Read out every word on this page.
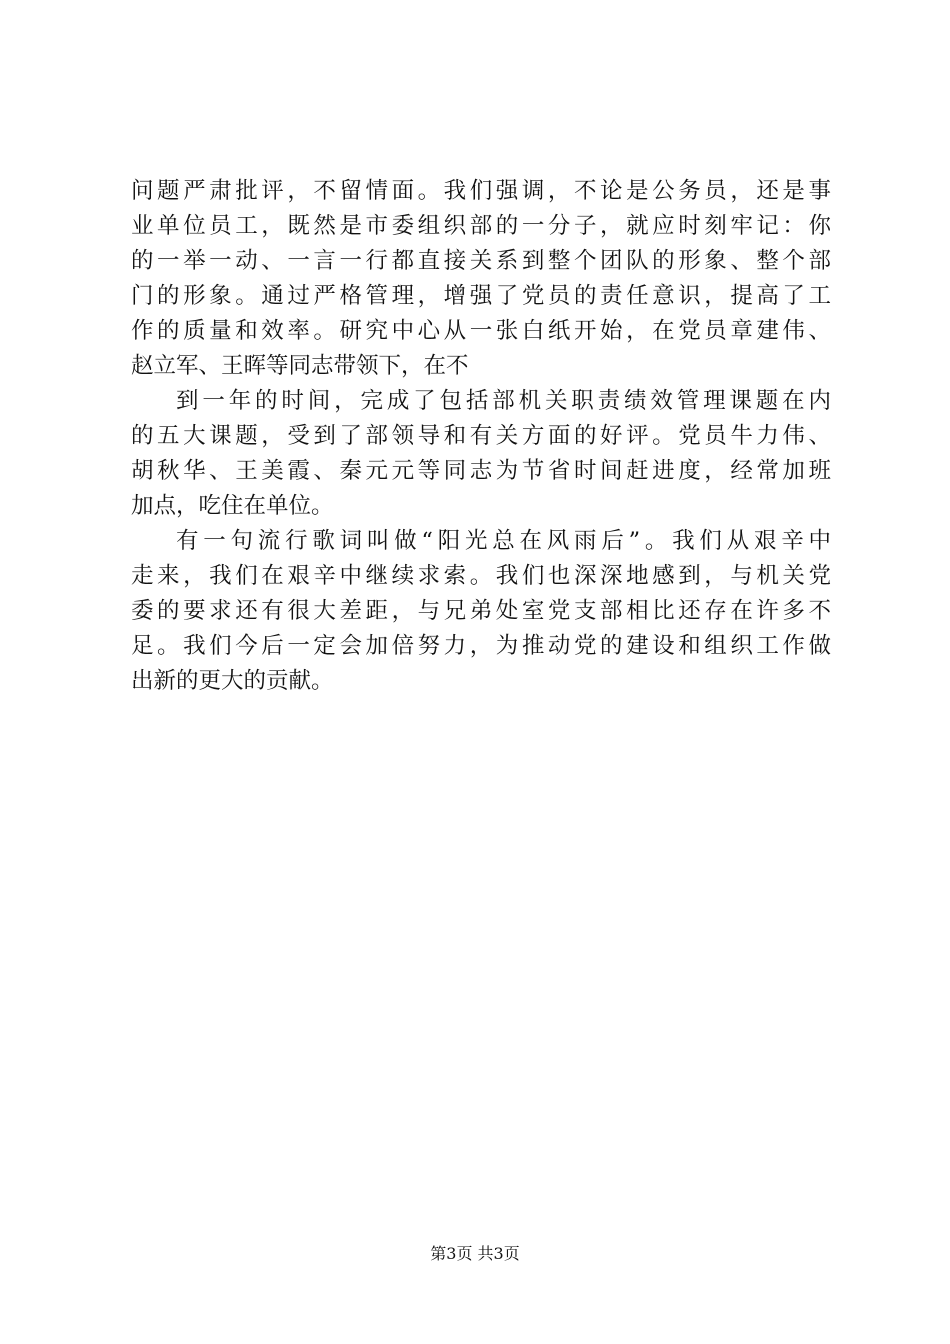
问题严肃批评，不留情面。我们强调，不论是公务员，还是事
业单位员工，既然是市委组织部的一分子，就应时刻牢记：你
的一举一动、一言一行都直接关系到整个团队的形象、整个部
门的形象。通过严格管理，增强了党员的责任意识，提高了工
作的质量和效率。研究中心从一张白纸开始，在党员章建伟、
赵立军、王晖等同志带领下，在不
到一年的时间，完成了包括部机关职责绩效管理课题在内
的五大课题，受到了部领导和有关方面的好评。党员牛力伟、
胡秋华、王美霞、秦元元等同志为节省时间赶进度，经常加班
加点，吃住在单位。
有一句流行歌词叫做“阳光总在风雨后”。我们从艰辛中
走来，我们在艰辛中继续求索。我们也深深地感到，与机关党
委的要求还有很大差距，与兄弟处室党支部相比还存在许多不
足。我们今后一定会加倍努力，为推动党的建设和组织工作做
出新的更大的贡献。
第3页 共3页
